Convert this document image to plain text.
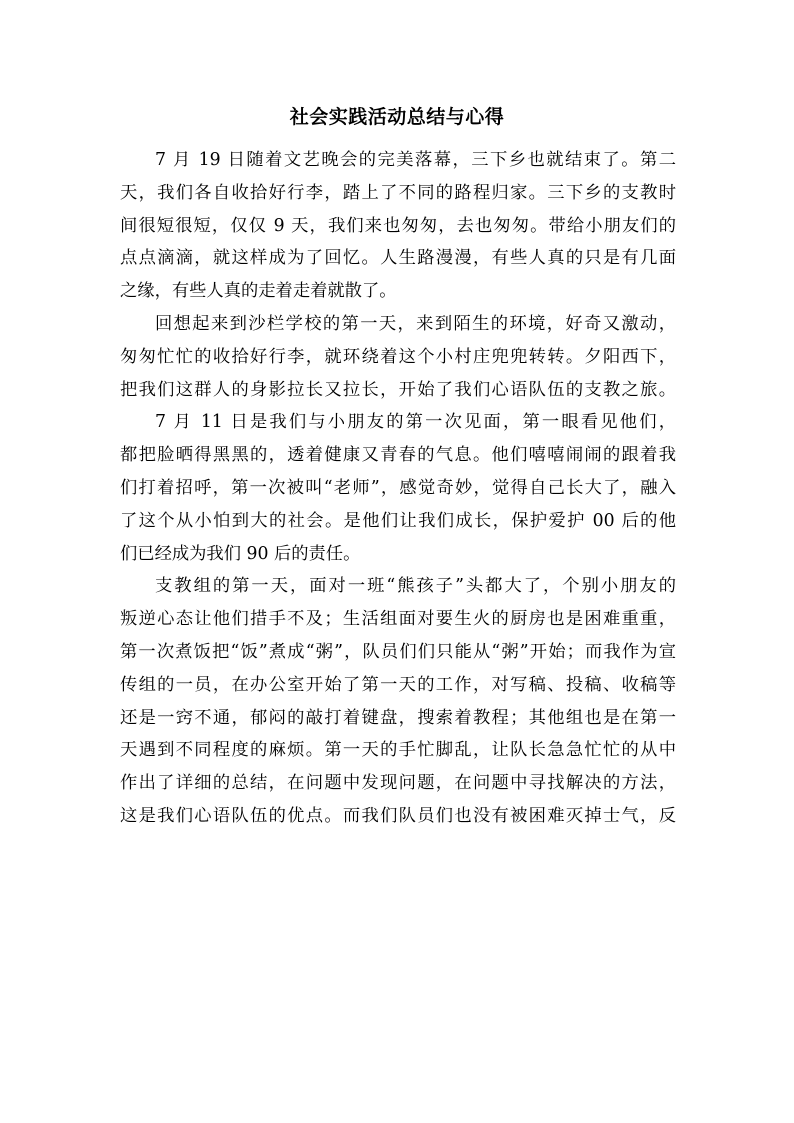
社会实践活动总结与心得
7 月 19 日随着文艺晚会的完美落幕，三下乡也就结束了。第二
天，我们各自收拾好行李，踏上了不同的路程归家。三下乡的支教时
间很短很短，仅仅 9 天，我们来也匆匆，去也匆匆。带给小朋友们的
点点滴滴，就这样成为了回忆。人生路漫漫，有些人真的只是有几面
之缘，有些人真的走着走着就散了。
回想起来到沙栏学校的第一天，来到陌生的环境，好奇又激动，
匆匆忙忙的收拾好行李，就环绕着这个小村庄兜兜转转。夕阳西下，
把我们这群人的身影拉长又拉长，开始了我们心语队伍的支教之旅。
7 月 11 日是我们与小朋友的第一次见面，第一眼看见他们，
都把脸晒得黑黑的，透着健康又青春的气息。他们嘻嘻闹闹的跟着我
们打着招呼，第一次被叫“老师”，感觉奇妙，觉得自己长大了，融入
了这个从小怕到大的社会。是他们让我们成长，保护爱护 00 后的他
们已经成为我们 90 后的责任。
支教组的第一天，面对一班“熊孩子”头都大了，个别小朋友的
叛逆心态让他们措手不及；生活组面对要生火的厨房也是困难重重，
第一次煮饭把“饭”煮成“粥”，队员们们只能从“粥”开始；而我作为宣
传组的一员，在办公室开始了第一天的工作，对写稿、投稿、收稿等
还是一窍不通，郁闷的敲打着键盘，搜索着教程；其他组也是在第一
天遇到不同程度的麻烦。第一天的手忙脚乱，让队长急急忙忙的从中
作出了详细的总结，在问题中发现问题，在问题中寻找解决的方法，
这是我们心语队伍的优点。而我们队员们也没有被困难灭掉士气，反
